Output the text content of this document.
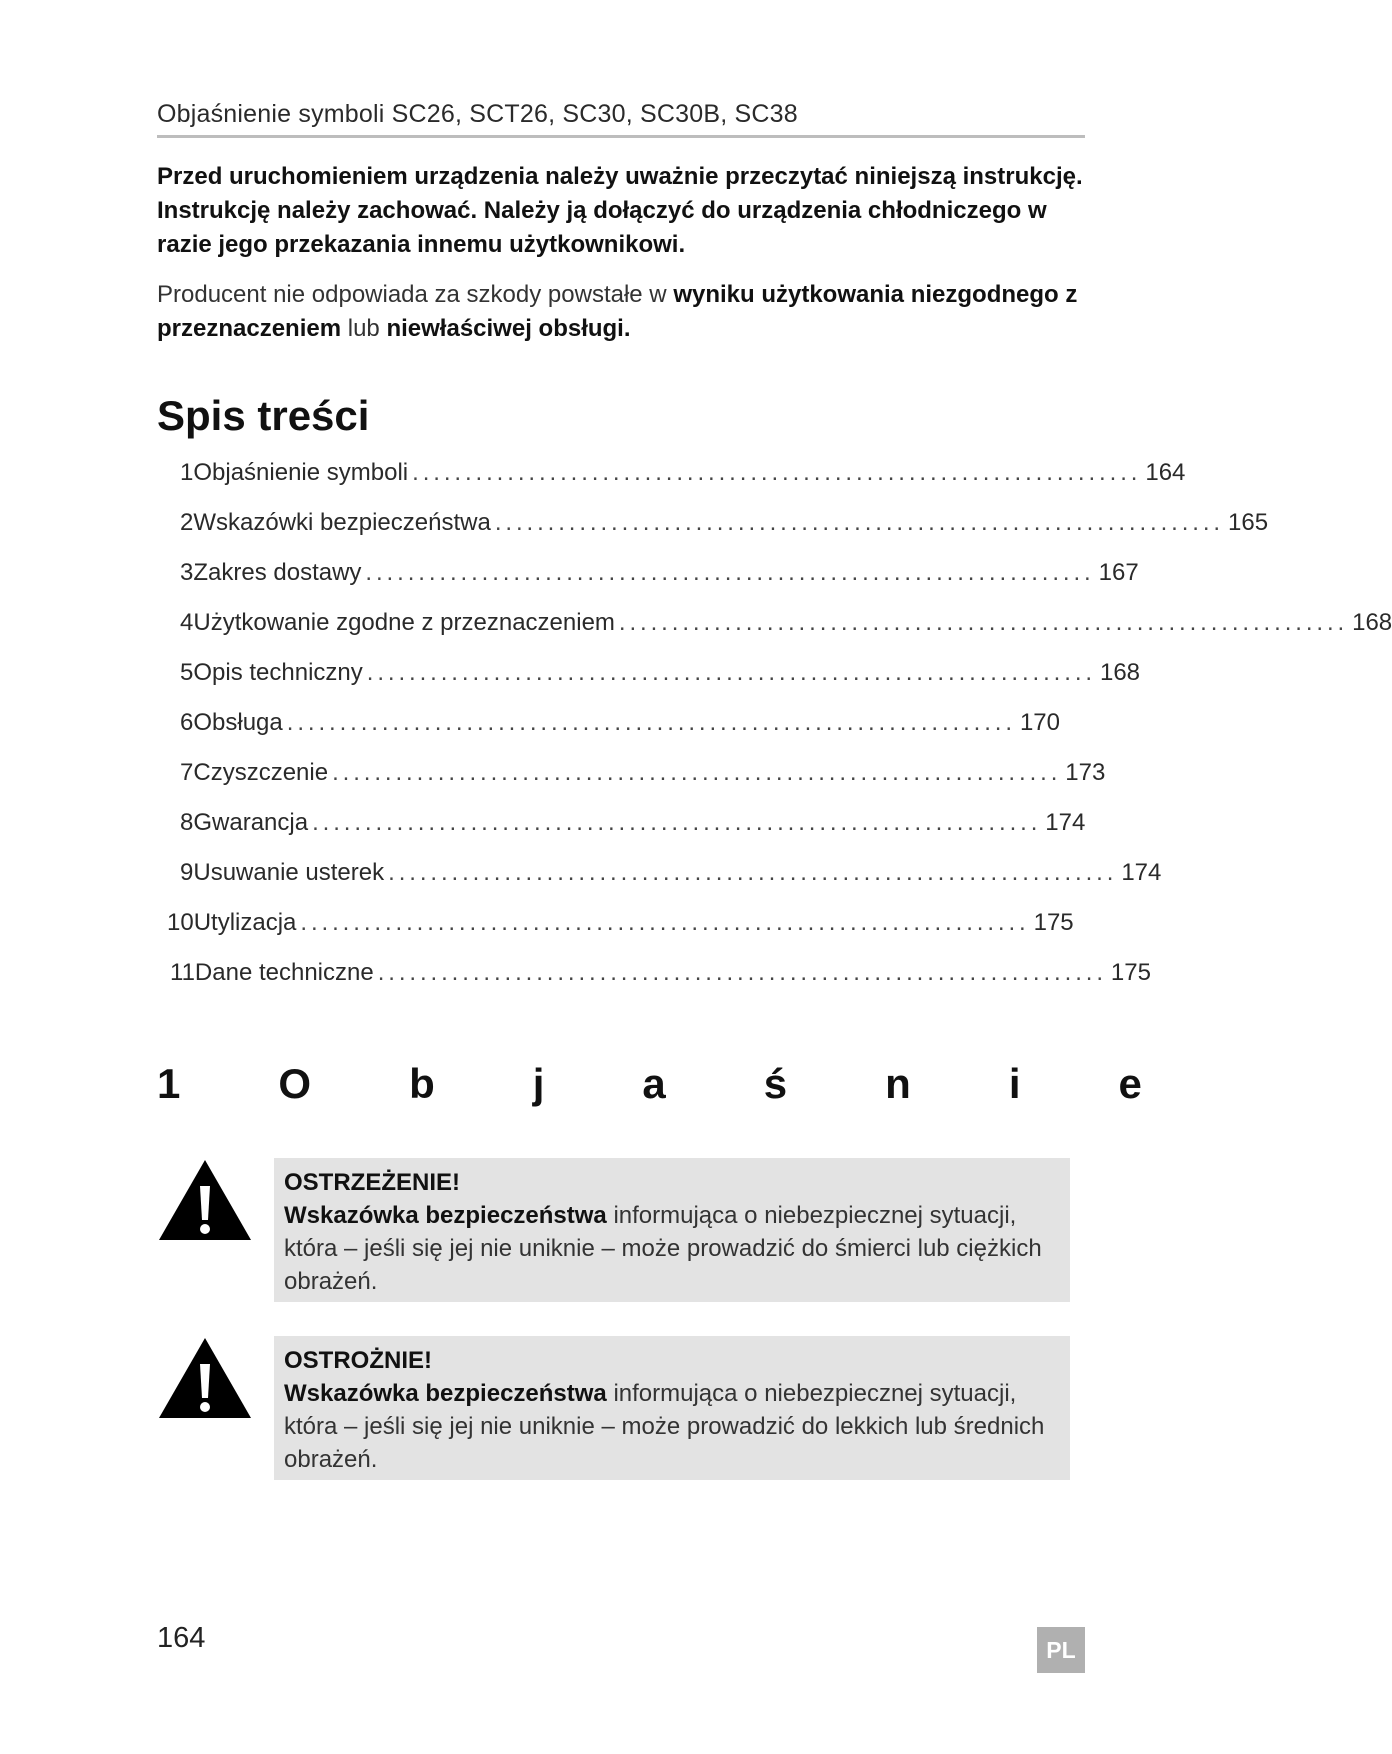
Objaśnienie symboli SC26, SCT26, SC30, SC30B, SC38
Przed uruchomieniem urządzenia należy uważnie przeczytać niniejszą instrukcję. Instrukcję należy zachować. Należy ją dołączyć do urządzenia chłodniczego w razie jego przekazania innemu użytkownikowi.
Producent nie odpowiada za szkody powstałe w wyniku użytkowania niezgodnego z przeznaczeniem lub niewłaściwej obsługi.
Spis treści
1 Objaśnienie symboli ..................................................................... 164
2 Wskazówki bezpieczeństwa ..................................................................... 165
3 Zakres dostawy ..................................................................... 167
4 Użytkowanie zgodne z przeznaczeniem ..................................................................... 168
5 Opis techniczny ..................................................................... 168
6 Obsługa ..................................................................... 170
7 Czyszczenie ..................................................................... 173
8 Gwarancja ..................................................................... 174
9 Usuwanie usterek ..................................................................... 174
10 Utylizacja ..................................................................... 175
11 Dane techniczne ..................................................................... 175
1 O b j a ś n i e
OSTRZEŻENIE!
Wskazówka bezpieczeństwa informująca o niebezpiecznej sytuacji, która – jeśli się jej nie uniknie – może prowadzić do śmierci lub ciężkich obrażeń.
OSTROŻNIE!
Wskazówka bezpieczeństwa informująca o niebezpiecznej sytuacji, która – jeśli się jej nie uniknie – może prowadzić do lekkich lub średnich obrażeń.
164	PL
